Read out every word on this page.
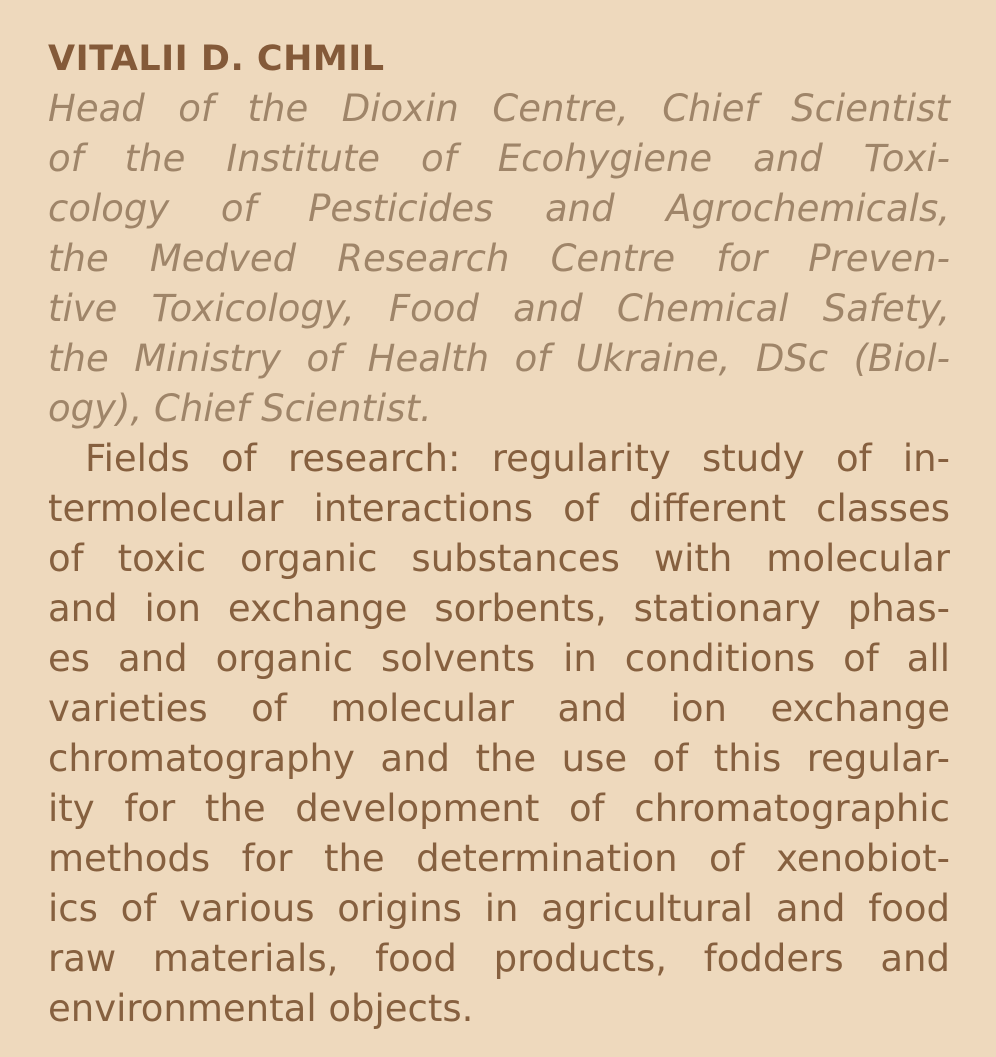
VITALII D. CHMIL
Head of the Dioxin Centre, Chief Scientist
of the Institute of Ecohygiene and Toxi-
cology of Pesticides and Agrochemicals,
the Medved Research Centre for Preven-
tive Toxicology, Food and Chemical Safety,
the Ministry of Health of Ukraine, DSc (Biol-
ogy), Chief Scientist.
Fields of research: regularity study of in-
termolecular interactions of different classes
of toxic organic substances with molecular
and ion exchange sorbents, stationary phas-
es and organic solvents in conditions of all
varieties of molecular and ion exchange
chromatography and the use of this regular-
ity for the development of chromatographic
methods for the determination of xenobiot-
ics of various origins in agricultural and food
raw materials, food products, fodders and
environmental objects.
